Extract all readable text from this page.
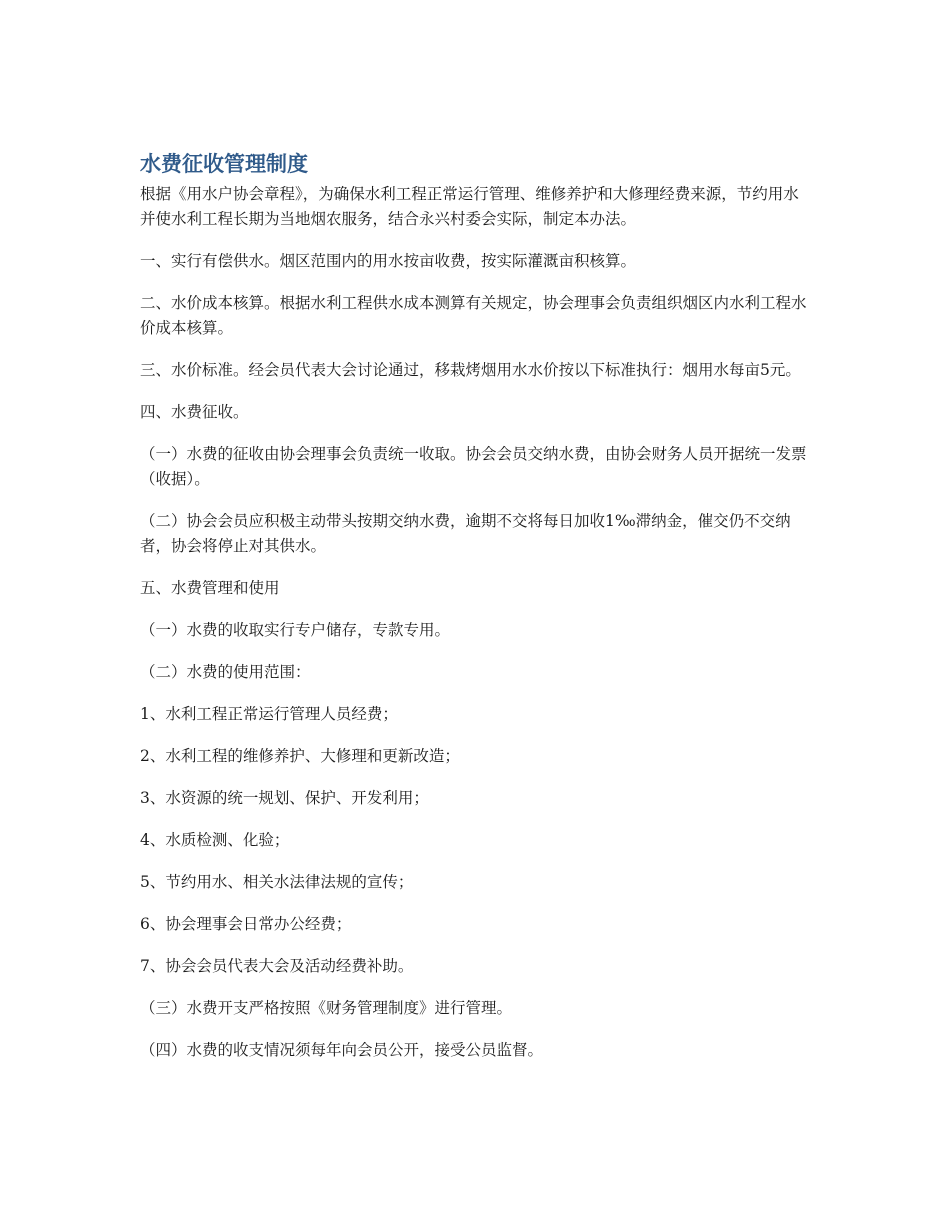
水费征收管理制度

根据《用水户协会章程》，为确保水利工程正常运行管理、维修养护和大修理经费来源，节约用水并使水利工程长期为当地烟农服务，结合永兴村委会实际，制定本办法。

一、实行有偿供水。烟区范围内的用水按亩收费，按实际灌溉亩积核算。

二、水价成本核算。根据水利工程供水成本测算有关规定，协会理事会负责组织烟区内水利工程水价成本核算。

三、水价标准。经会员代表大会讨论通过，移栽烤烟用水水价按以下标准执行：烟用水每亩5元。

四、水费征收。

（一）水费的征收由协会理事会负责统一收取。协会会员交纳水费，由协会财务人员开据统一发票（收据）。

（二）协会会员应积极主动带头按期交纳水费，逾期不交将每日加收1‰滞纳金，催交仍不交纳者，协会将停止对其供水。

五、水费管理和使用

（一）水费的收取实行专户储存，专款专用。

（二）水费的使用范围：

1、水利工程正常运行管理人员经费；

2、水利工程的维修养护、大修理和更新改造；

3、水资源的统一规划、保护、开发利用；

4、水质检测、化验；

5、节约用水、相关水法律法规的宣传；

6、协会理事会日常办公经费；

7、协会会员代表大会及活动经费补助。

（三）水费开支严格按照《财务管理制度》进行管理。

（四）水费的收支情况须每年向会员公开，接受公员监督。
